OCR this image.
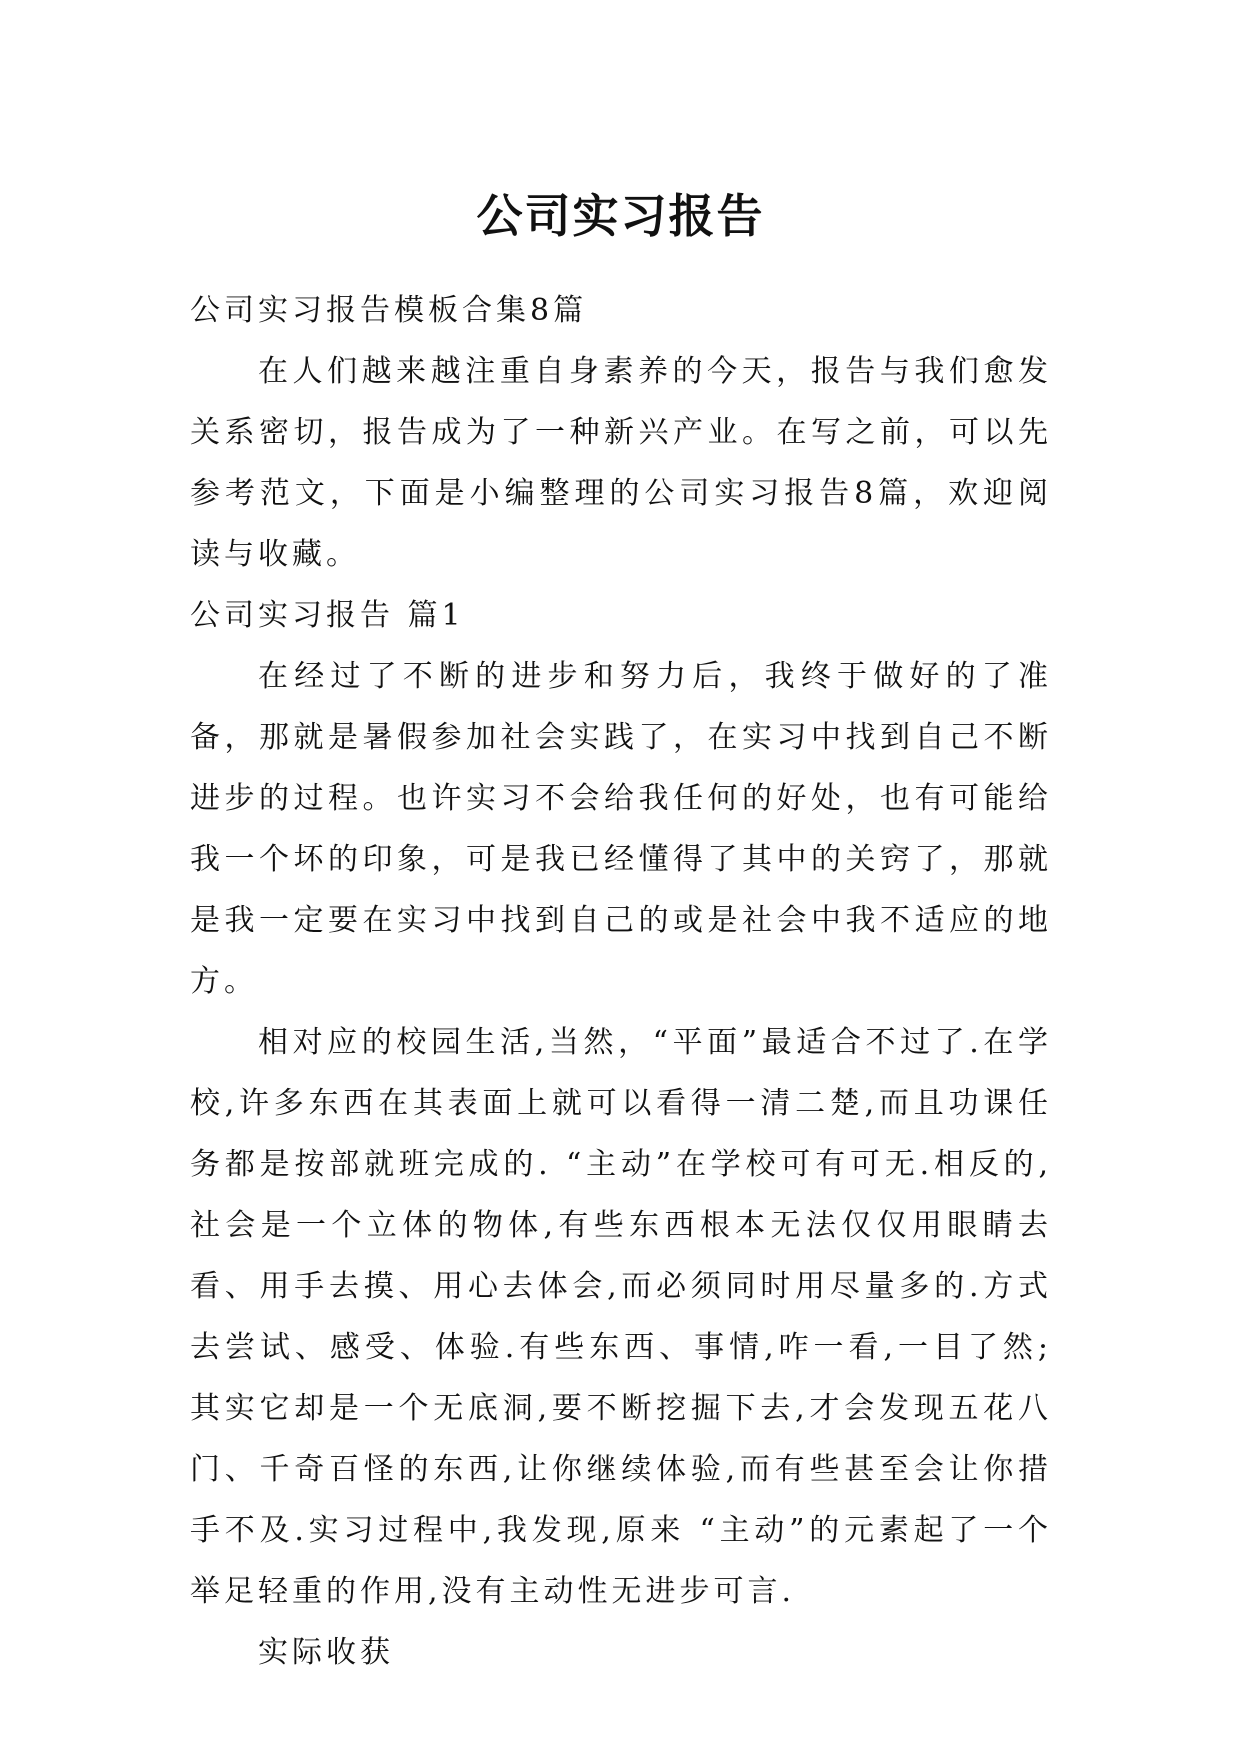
公司实习报告

公司实习报告模板合集8篇

在人们越来越注重自身素养的今天，报告与我们愈发关系密切，报告成为了一种新兴产业。在写之前，可以先参考范文，下面是小编整理的公司实习报告8篇，欢迎阅读与收藏。

公司实习报告 篇1

在经过了不断的进步和努力后，我终于做好的了准备，那就是暑假参加社会实践了，在实习中找到自己不断进步的过程。也许实习不会给我任何的好处，也有可能给我一个坏的印象，可是我已经懂得了其中的关窍了，那就是我一定要在实习中找到自己的或是社会中我不适应的地方。

相对应的校园生活,当然，“平面”最适合不过了.在学校,许多东西在其表面上就可以看得一清二楚,而且功课任务都是按部就班完成的. “主动”在学校可有可无.相反的,社会是一个立体的物体,有些东西根本无法仅仅用眼睛去看、用手去摸、用心去体会,而必须同时用尽量多的.方式去尝试、感受、体验.有些东西、事情,咋一看,一目了然;其实它却是一个无底洞,要不断挖掘下去,才会发现五花八门、千奇百怪的东西,让你继续体验,而有些甚至会让你措手不及.实习过程中,我发现,原来 “主动”的元素起了一个举足轻重的作用,没有主动性无进步可言.

实际收获
